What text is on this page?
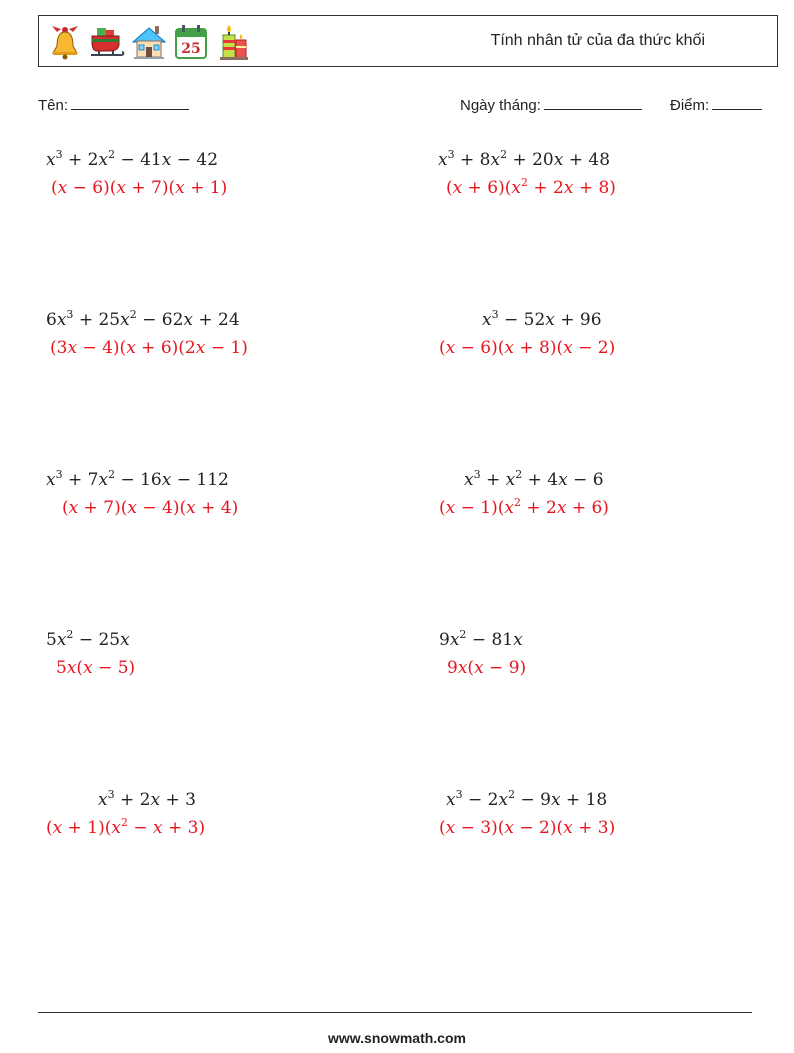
25	Tính nhân tử của đa thức khối
Tên:	Ngày tháng:	Điểm:
$x^3 + 2x^2 - 41x - 42$
(x − 6)(x + 7)(x + 1)
$6x^3 + 25x^2 - 62x + 24$
(3x − 4)(x + 6)(2x − 1)
$x^3 + 7x^2 - 16x - 112$
(x + 7)(x − 4)(x + 4)
$5x^2 - 25x$
5x(x − 5)
$x^3 + 2x + 3$
$(x + 1)(x^2 - x + 3)$
$x^3 + 8x^2 + 20x + 48$
$(x + 6)(x^2 + 2x + 8)$
$x^3 - 52x + 96$
(x − 6)(x + 8)(x − 2)
$x^3 + x^2 + 4x - 6$
$(x - 1)(x^2 + 2x + 6)$
$9x^2 - 81x$
9x(x − 9)
$x^3 - 2x^2 - 9x + 18$
(x − 3)(x − 2)(x + 3)
www.snowmath.com
